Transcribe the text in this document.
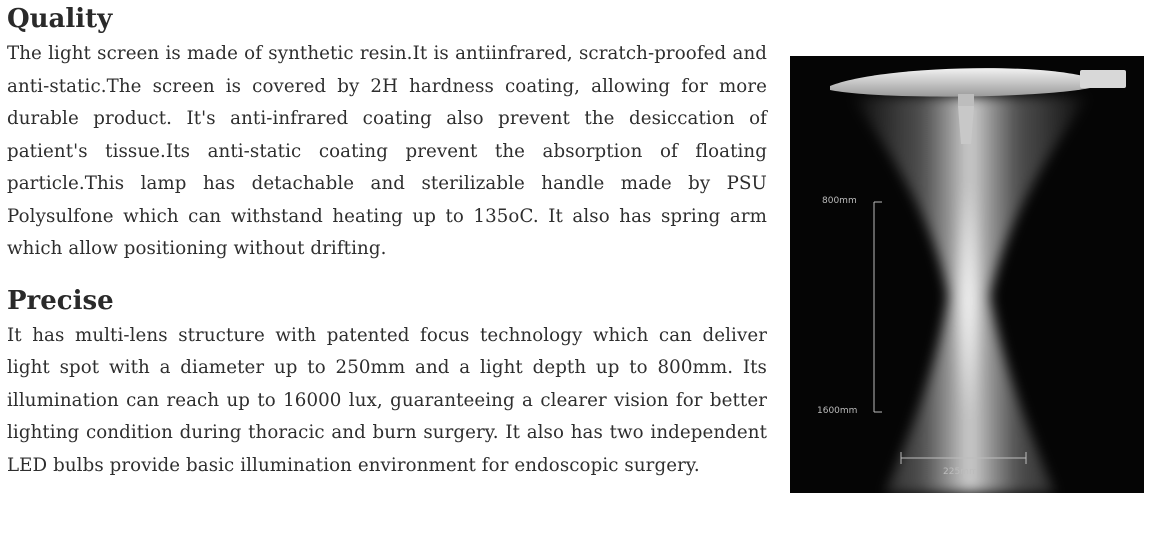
Quality

The light screen is made of synthetic resin.It is antiinfrared, scratch-proofed and anti-static.The screen is covered by 2H hardness coating, allowing for more durable product. It's anti-infrared coating also prevent the desiccation of patient's tissue.Its anti-static coating prevent the absorption of floating particle.This lamp has detachable and sterilizable handle made by PSU Polysulfone which can withstand heating up to 135oC. It also has spring arm which allow positioning without drifting.

Precise

It has multi-lens structure with patented focus technology which can deliver light spot with a diameter up to 250mm and a light depth up to 800mm. Its illumination can reach up to 16000 lux, guaranteeing a clearer vision for better lighting condition during thoracic and burn surgery. It also has two independent LED bulbs provide basic illumination environment for endoscopic surgery.

800mm
1600mm
225mm
